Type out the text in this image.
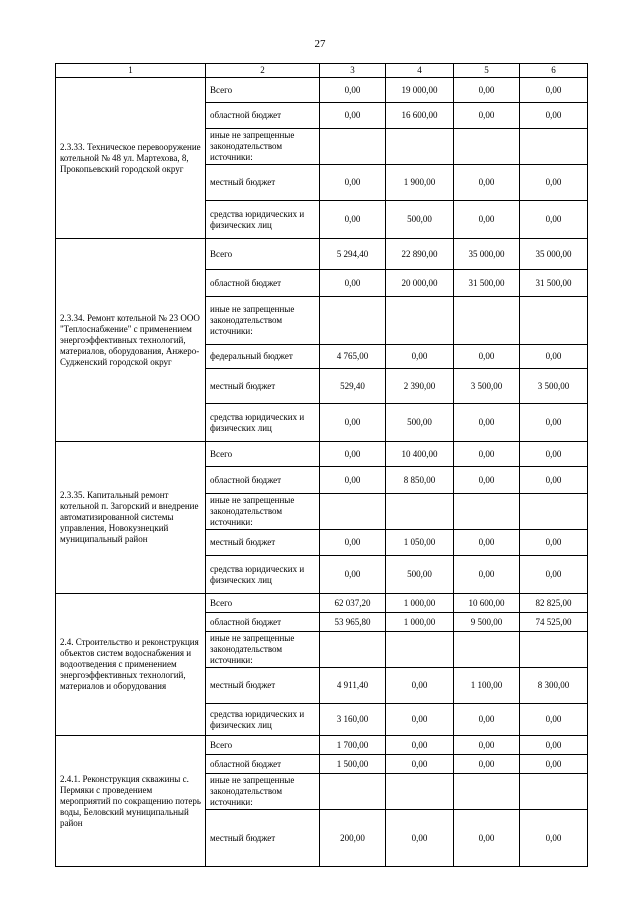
27
1	2	3	4	5	6
2.3.33. Техническое перевооружение котельной № 48 ул. Мартехова, 8, Прокопьевский городской округ	Всего	0,00	19 000,00	0,00	0,00
	областной бюджет	0,00	16 600,00	0,00	0,00
	иные не запрещенные законодательством источники:				
	местный бюджет	0,00	1 900,00	0,00	0,00
	средства юридических и физических лиц	0,00	500,00	0,00	0,00
2.3.34. Ремонт котельной № 23 ООО "Теплоснабжение" с применением энергоэффективных технологий, материалов, оборудования, Анжеро-Судженский городской округ	Всего	5 294,40	22 890,00	35 000,00	35 000,00
	областной бюджет	0,00	20 000,00	31 500,00	31 500,00
	иные не запрещенные законодательством источники:				
	федеральный бюджет	4 765,00	0,00	0,00	0,00
	местный бюджет	529,40	2 390,00	3 500,00	3 500,00
	средства юридических и физических лиц	0,00	500,00	0,00	0,00
2.3.35. Капитальный ремонт котельной п. Загорский и внедрение автоматизированной системы управления, Новокузнецкий муниципальный район	Всего	0,00	10 400,00	0,00	0,00
	областной бюджет	0,00	8 850,00	0,00	0,00
	иные не запрещенные законодательством источники:				
	местный бюджет	0,00	1 050,00	0,00	0,00
	средства юридических и физических лиц	0,00	500,00	0,00	0,00
2.4. Строительство и реконструкция объектов систем водоснабжения и водоотведения с применением энергоэффективных технологий, материалов и оборудования	Всего	62 037,20	1 000,00	10 600,00	82 825,00
	областной бюджет	53 965,80	1 000,00	9 500,00	74 525,00
	иные не запрещенные законодательством источники:				
	местный бюджет	4 911,40	0,00	1 100,00	8 300,00
	средства юридических и физических лиц	3 160,00	0,00	0,00	0,00
2.4.1. Реконструкция скважины с. Пермяки с проведением мероприятий по сокращению потерь воды, Беловский муниципальный район	Всего	1 700,00	0,00	0,00	0,00
	областной бюджет	1 500,00	0,00	0,00	0,00
	иные не запрещенные законодательством источники:				
	местный бюджет	200,00	0,00	0,00	0,00
